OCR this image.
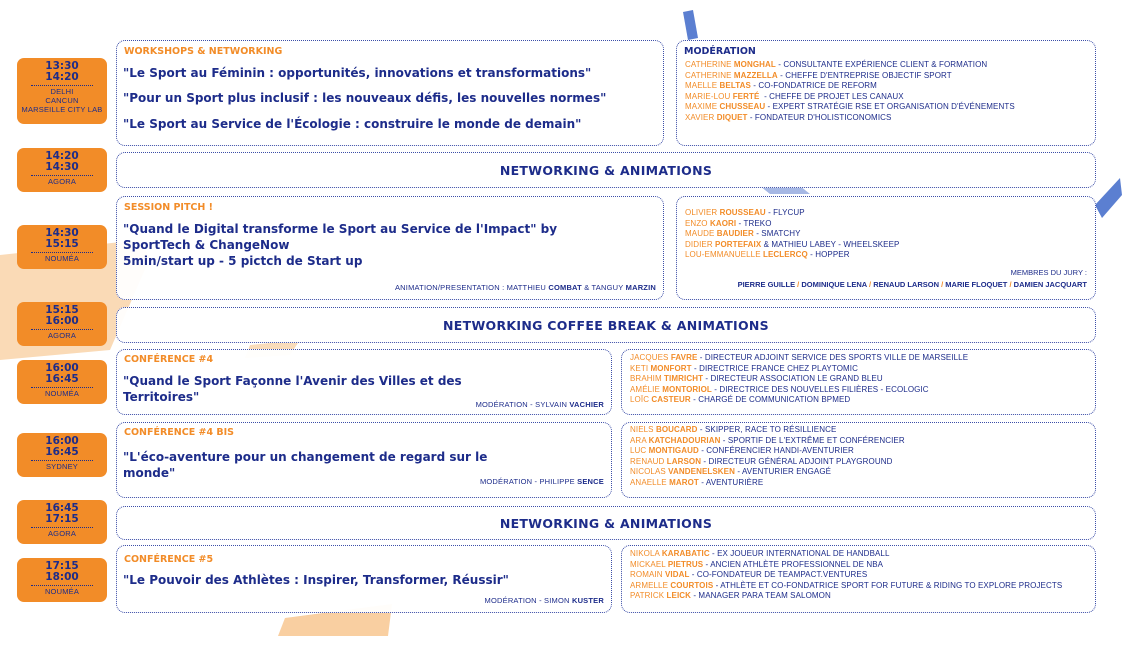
13:30
14:20
DELHI
CANCUN
MARSEILLE CITY LAB
14:20
14:30
AGORA
14:30
15:15
NOUMÉA
15:15
16:00
AGORA
16:00
16:45
NOUMÉA
16:00
16:45
SYDNEY
16:45
17:15
AGORA
17:15
18:00
NOUMÉA
WORKSHOPS & NETWORKING
"Le Sport au Féminin : opportunités, innovations et transformations"
"Pour un Sport plus inclusif : les nouveaux défis, les nouvelles normes"
"Le Sport au Service de l'Écologie : construire le monde de demain"
MODÉRATION
CATHERINE MONGHAL - CONSULTANTE EXPÉRIENCE CLIENT & FORMATION
CATHERINE MAZZELLA - CHEFFE D'ENTREPRISE OBJECTIF SPORT
MAELLE BELTAS - CO-FONDATRICE DE REFORM
MARIE-LOU FERTÉ  - CHEFFE DE PROJET LES CANAUX
MAXIME CHUSSEAU - EXPERT STRATÉGIE RSE ET ORGANISATION D'ÉVÉNEMENTS
XAVIER DIQUET - FONDATEUR D'HOLISTICONOMICS
NETWORKING & ANIMATIONS
SESSION PITCH !
"Quand le Digital transforme le Sport au Service de l'Impact" by
SportTech & ChangeNow
5min/start up - 5 pictch de Start up
ANIMATION/PRESENTATION : MATTHIEU COMBAT & TANGUY MARZIN
OLIVIER ROUSSEAU - FLYCUP
ENZO KAORI - TREKO
MAUDE BAUDIER - SMATCHY
DIDIER PORTEFAIX & MATHIEU LABEY - WHEELSKEEP
LOU-EMMANUELLE LECLERCQ - HOPPER
MEMBRES DU JURY :
PIERRE GUILLE / DOMINIQUE LENA / RENAUD LARSON / MARIE FLOQUET / DAMIEN JACQUART
NETWORKING COFFEE BREAK & ANIMATIONS
CONFÉRENCE #4
"Quand le Sport Façonne l'Avenir des Villes et des
Territoires"
MODÉRATION - SYLVAIN VACHIER
JACQUES FAVRE - DIRECTEUR ADJOINT SERVICE DES SPORTS VILLE DE MARSEILLE
KETI MONFORT - DIRECTRICE FRANCE CHEZ PLAYTOMIC
BRAHIM TIMRICHT - DIRECTEUR ASSOCIATION LE GRAND BLEU
AMÉLIE MONTORIOL - DIRECTRICE DES NOUVELLES FILIÈRES - ECOLOGIC
LOÏC CASTEUR - CHARGÉ DE COMMUNICATION BPMED
CONFÉRENCE #4 BIS
"L'éco-aventure pour un changement de regard sur le
monde"
MODÉRATION - PHILIPPE SENCE
NIELS BOUCARD - SKIPPER, RACE TO RÉSILLIENCE
ARA KATCHADOURIAN - SPORTIF DE L'EXTRÊME ET CONFÉRENCIER
LUC MONTIGAUD - CONFÉRENCIER HANDI-AVENTURIER
RENAUD LARSON - DIRECTEUR GÉNÉRAL ADJOINT PLAYGROUND
NICOLAS VANDENELSKEN - AVENTURIER ENGAGÉ
ANAELLE MAROT - AVENTURIÈRE
NETWORKING & ANIMATIONS
CONFÉRENCE #5
"Le Pouvoir des Athlètes : Inspirer, Transformer, Réussir"
MODÉRATION - SIMON KUSTER
NIKOLA KARABATIC - EX JOUEUR INTERNATIONAL DE HANDBALL
MICKAEL PIETRUS - ANCIEN ATHLÈTE PROFESSIONNEL DE NBA
ROMAIN VIDAL - CO-FONDATEUR DE TEAMPACT.VENTURES
ARMELLE COURTOIS - ATHLÈTE ET CO-FONDATRICE SPORT FOR FUTURE & RIDING TO EXPLORE PROJECTS
PATRICK LEICK - MANAGER PARA TEAM SALOMON
